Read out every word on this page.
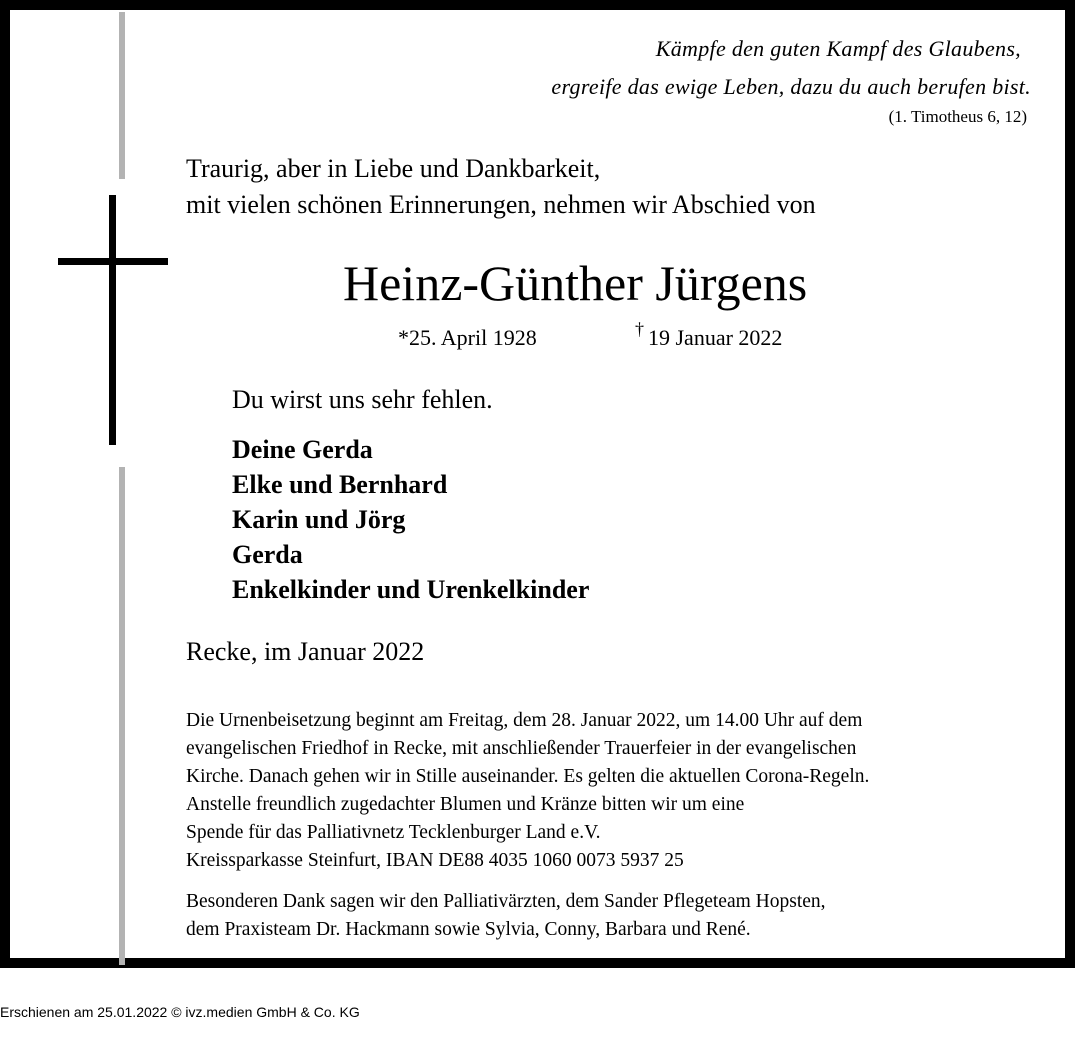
Kämpfe den guten Kampf des Glaubens,
ergreife das ewige Leben, dazu du auch berufen bist.
(1. Timotheus 6, 12)
Traurig, aber in Liebe und Dankbarkeit,
mit vielen schönen Erinnerungen, nehmen wir Abschied von
Heinz-Günther Jürgens
*25. April 1928	† 19 Januar 2022
Du wirst uns sehr fehlen.
Deine Gerda
Elke und Bernhard
Karin und Jörg
Gerda
Enkelkinder und Urenkelkinder
Recke, im Januar 2022
Die Urnenbeisetzung beginnt am Freitag, dem 28. Januar 2022, um 14.00 Uhr auf dem
evangelischen Friedhof in Recke, mit anschließender Trauerfeier in der evangelischen
Kirche. Danach gehen wir in Stille auseinander. Es gelten die aktuellen Corona-Regeln.
Anstelle freundlich zugedachter Blumen und Kränze bitten wir um eine
Spende für das Palliativnetz Tecklenburger Land e.V.
Kreissparkasse Steinfurt, IBAN DE88 4035 1060 0073 5937 25
Besonderen Dank sagen wir den Palliativärzten, dem Sander Pflegeteam Hopsten,
dem Praxisteam Dr. Hackmann sowie Sylvia, Conny, Barbara und René.
Erschienen am 25.01.2022 © ivz.medien GmbH & Co. KG
